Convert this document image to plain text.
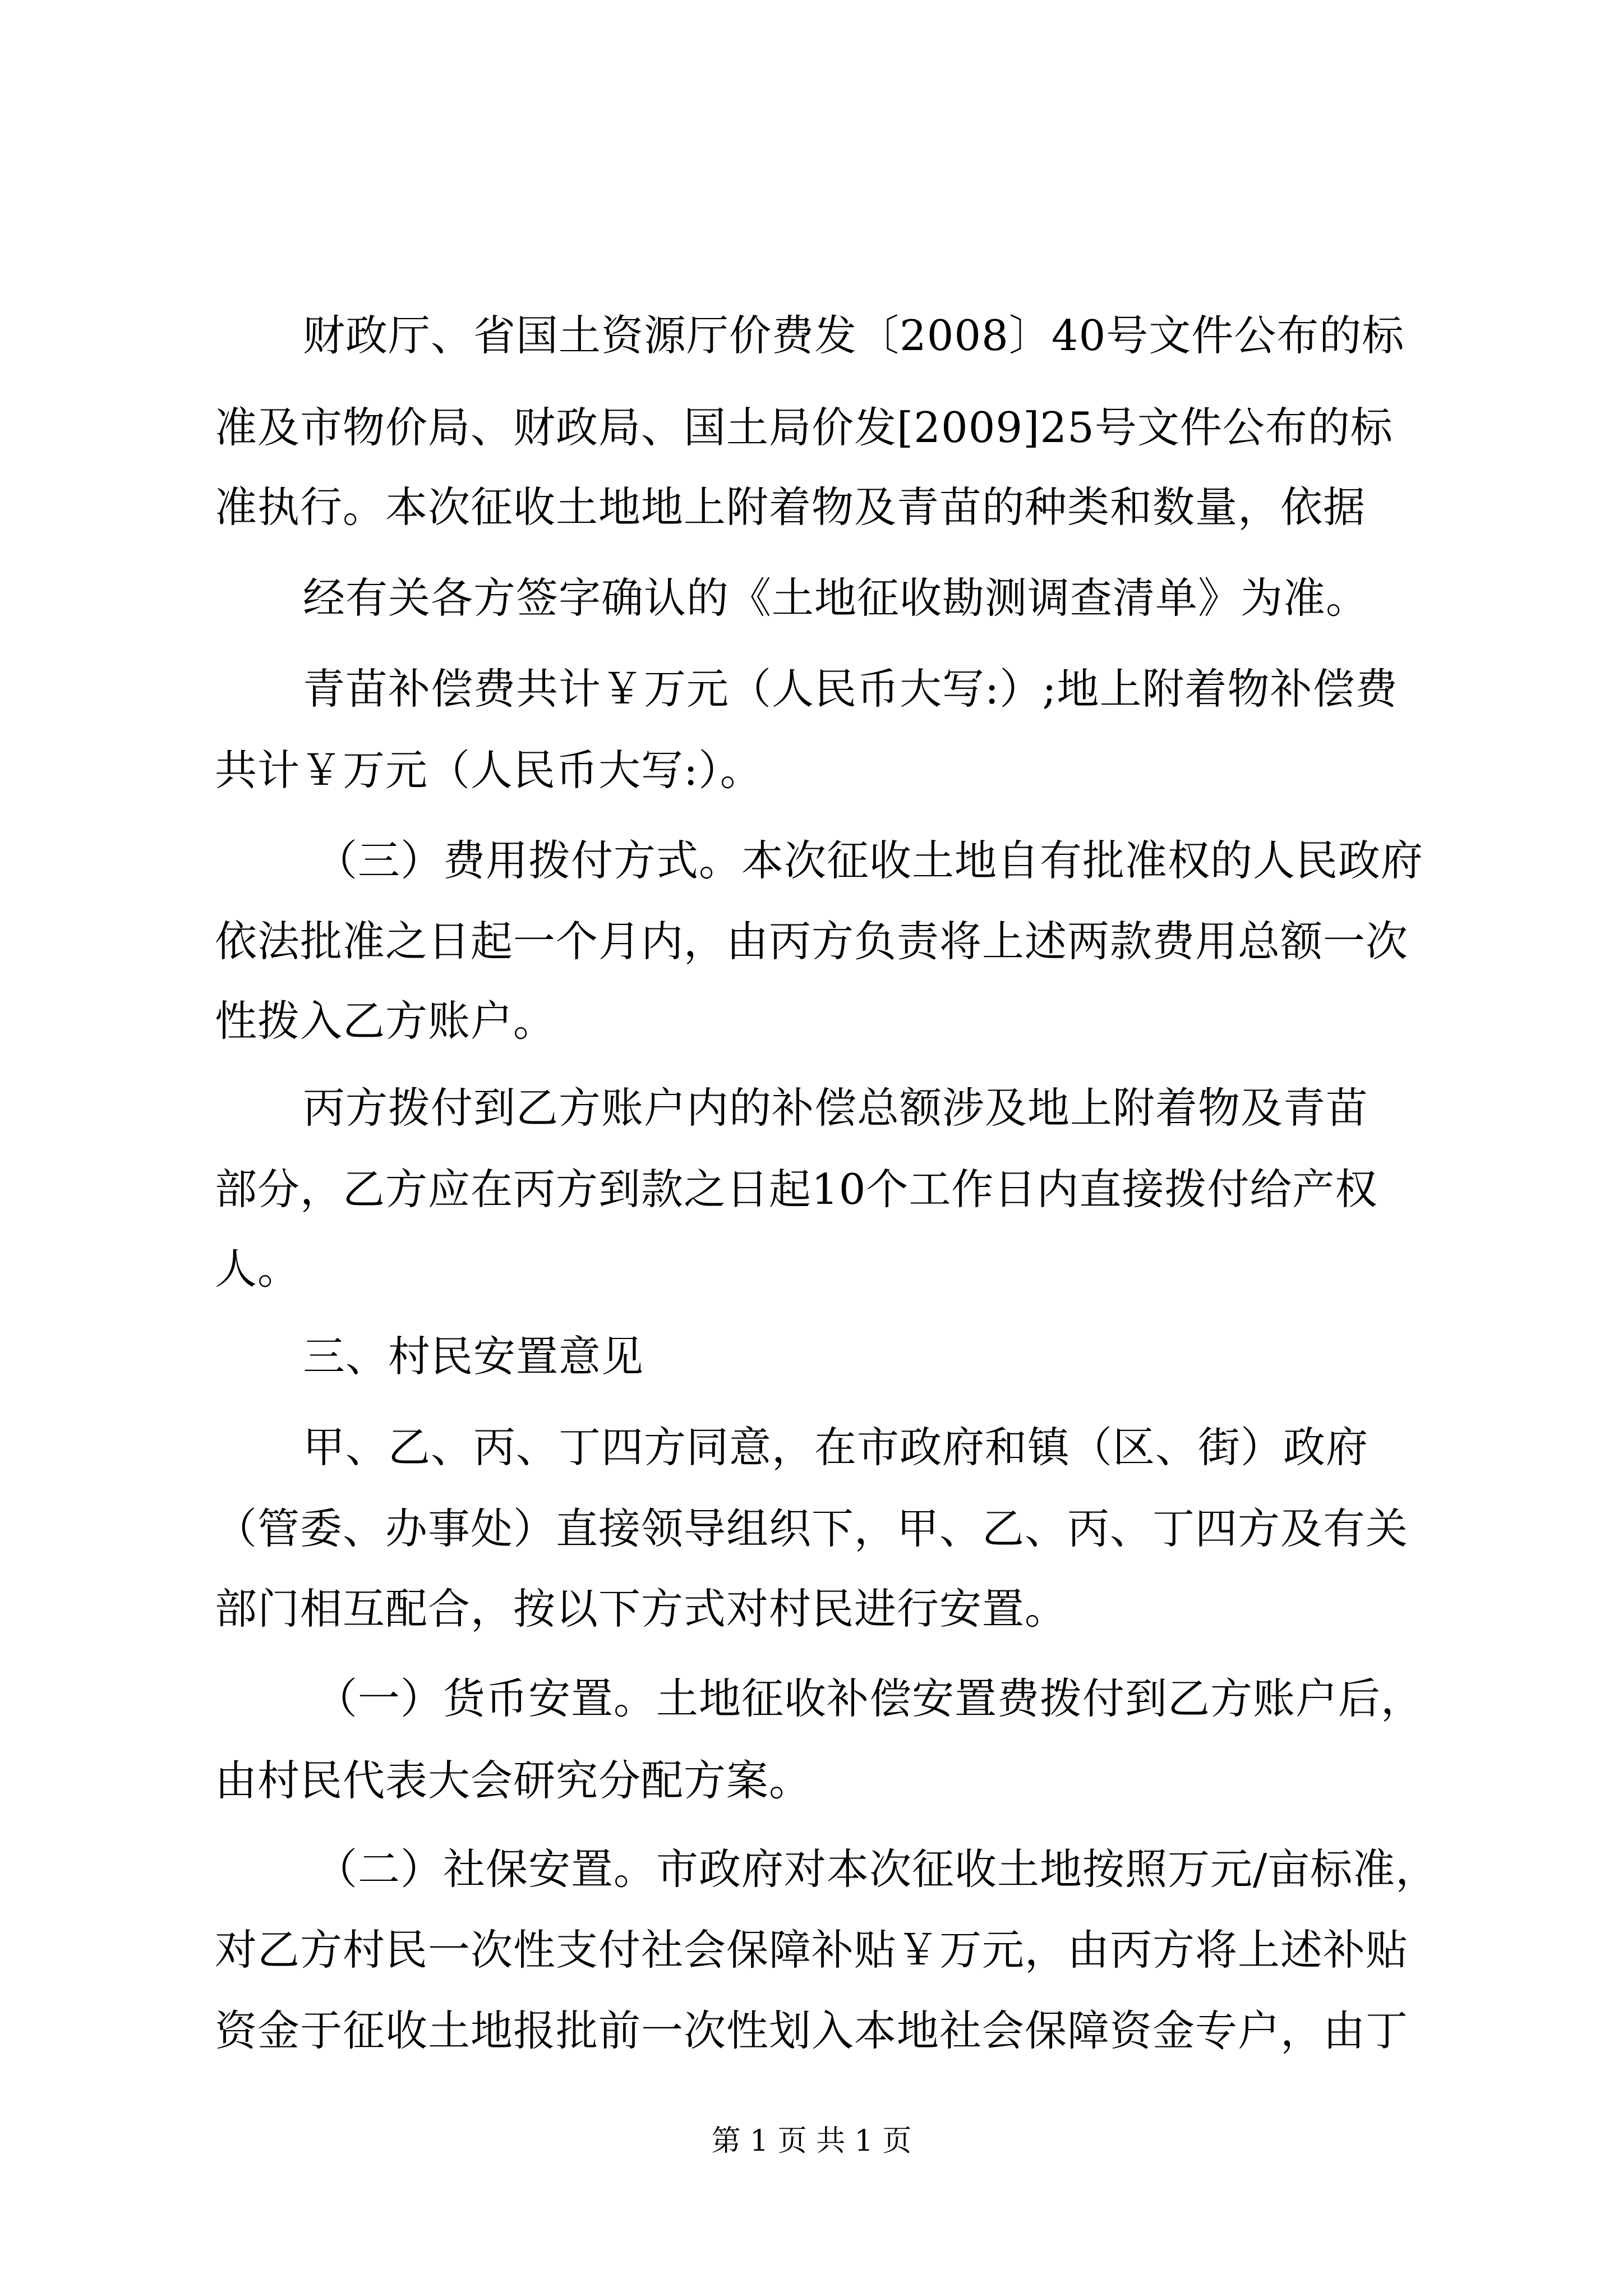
财政厅、省国土资源厅价费发〔2008〕40号文件公布的标
准及市物价局、财政局、国土局价发[2009]25号文件公布的标
准执行。本次征收土地地上附着物及青苗的种类和数量，依据
经有关各方签字确认的《土地征收勘测调查清单》为准。
青苗补偿费共计￥万元（人民币大写:）;地上附着物补偿费
共计￥万元（人民币大写:）。
（三）费用拨付方式。本次征收土地自有批准权的人民政府
依法批准之日起一个月内，由丙方负责将上述两款费用总额一次
性拨入乙方账户。
丙方拨付到乙方账户内的补偿总额涉及地上附着物及青苗
部分，乙方应在丙方到款之日起10个工作日内直接拨付给产权
人。
三、村民安置意见
甲、乙、丙、丁四方同意，在市政府和镇（区、街）政府
（管委、办事处）直接领导组织下，甲、乙、丙、丁四方及有关
部门相互配合，按以下方式对村民进行安置。
（一）货币安置。土地征收补偿安置费拨付到乙方账户后，
由村民代表大会研究分配方案。
（二）社保安置。市政府对本次征收土地按照万元/亩标准，
对乙方村民一次性支付社会保障补贴￥万元，由丙方将上述补贴
资金于征收土地报批前一次性划入本地社会保障资金专户，由丁
第 1 页 共 1 页
